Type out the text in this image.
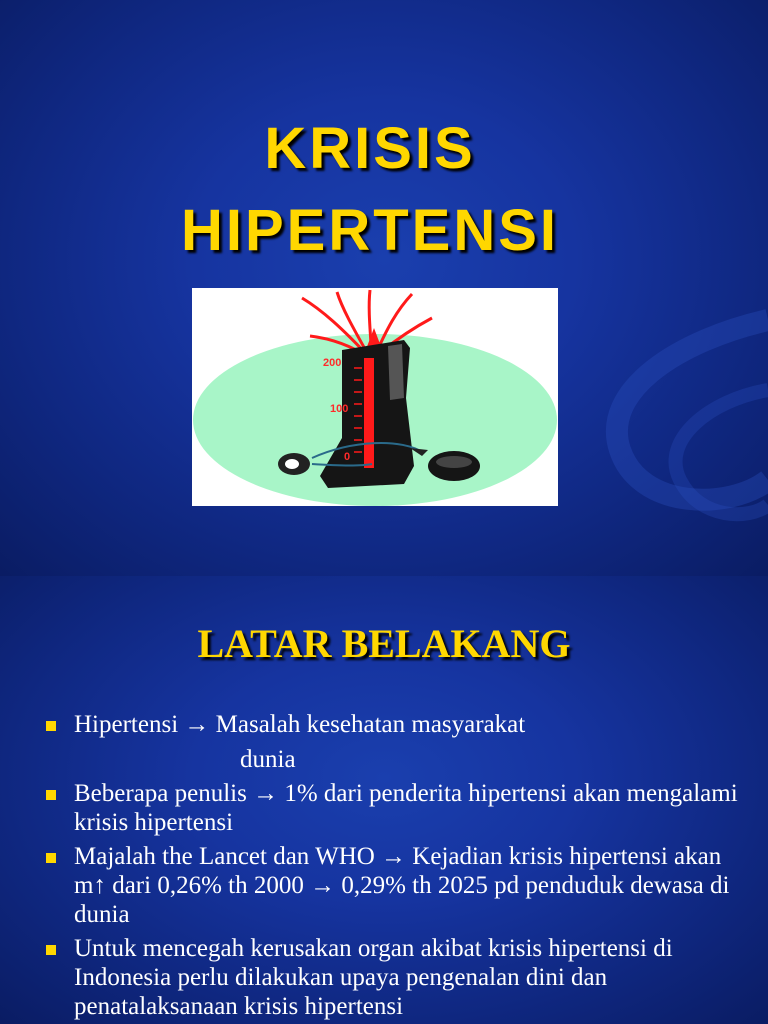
KRISIS
HIPERTENSI
200
100
0
LATAR BELAKANG
Hipertensi → Masalah kesehatan masyarakat
dunia
Beberapa penulis → 1% dari penderita hipertensi akan mengalami krisis hipertensi
Majalah the Lancet dan WHO → Kejadian krisis hipertensi akan m↑ dari 0,26% th 2000 → 0,29% th 2025 pd penduduk dewasa di dunia
Untuk mencegah kerusakan organ akibat krisis hipertensi di Indonesia perlu dilakukan upaya pengenalan dini dan penatalaksanaan krisis hipertensi
